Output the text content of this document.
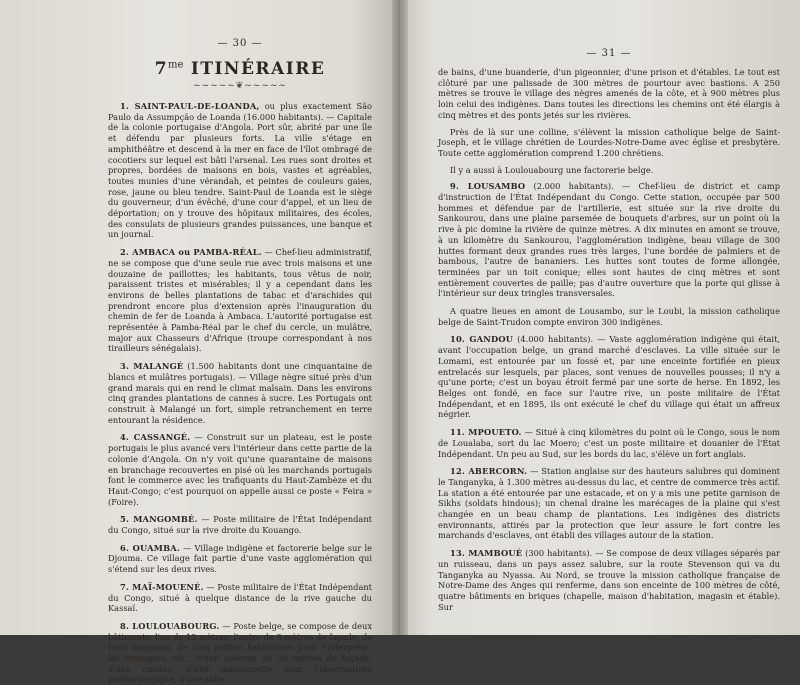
— 30 —
$7^{me}$ ITINÉRAIRE
~~~~~❦~~~~~

1. SAINT-PAUL-DE-LOANDA, ou plus exactement São Paulo da Assumpção de Loanda (16.000 habitants). — Capitale de la colonie portugaise d'Angola. Port sûr, abrité par une île et défendu par plusieurs forts. La ville s'étage en amphithéâtre et descend à la mer en face de l'îlot ombragé de cocotiers sur lequel est bâti l'arsenal. Les rues sont droites et propres, bordées de maisons en bois, vastes et agréables, toutes munies d'une vérandah, et peintes de couleurs gaies, rose, jaune ou bleu tendre. Saint-Paul de Loanda est le siège du gouverneur, d'un évêché, d'une cour d'appel, et un lieu de déportation; on y trouve des hôpitaux militaires, des écoles, des consulats de plusieurs grandes puissances, une banque et un journal.

2. AMBACA ou PAMBA-RÉAL. — Chef-lieu administratif, ne se compose que d'une seule rue avec trois maisons et une douzaine de paillottes; les habitants, tous vêtus de noir, paraissent tristes et misérables; il y a cependant dans les environs de belles plantations de tabac et d'arachides qui prendront encore plus d'extension après l'inauguration du chemin de fer de Loanda à Ambaca. L'autorité portugaise est représentée à Pamba-Réal par le chef du cercle, un mulâtre, major aux Chasseurs d'Afrique (troupe correspondant à nos tirailleurs sénégalais).

3. MALANGÉ (1.500 habitants dont une cinquantaine de blancs et mulâtres portugais). — Village nègre situé près d'un grand marais qui en rend le climat malsain. Dans les environs cinq grandes plantations de cannes à sucre. Les Portugais ont construit à Malangé un fort, simple retranchement en terre entourant la résidence.

4. CASSANGÉ. — Construit sur un plateau, est le poste portugais le plus avancé vers l'intérieur dans cette partie de la colonie d'Angola. On n'y voit qu'une quarantaine de maisons en branchage recouvertes en pisé où les marchands portugais font le commerce avec les trafiquants du Haut-Zambèze et du Haut-Congo; c'est pourquoi on appelle aussi ce poste « Feira » (Foire).

5. MANGOMBÉ. — Poste militaire de l'État Indépendant du Congo, situé sur la rive droite du Kouango.

6. OUAMBA. — Village indigène et factorerie belge sur le Djouma. Ce village fait partie d'une vaste agglomération qui s'étend sur les deux rives.

7. MAÏ-MOUENÉ. — Poste militaire de l'État Indépendant du Congo, situé à quelque distance de la rive gauche du Kassaï.

8. LOULOUABOURG. — Poste belge, se compose de deux bâtiments, l'un de 12 mètres, l'autre de 8 mètres de façade, de trois magasins, de cinq petites habitations pour l'interprète, les étrangers, etc., d'une caserne de 30 mètres de façade, d'une cuisine, d'une maisonnette pour l'observatoire météorologique, d'une salle

— 31 —

de bains, d'une buanderie, d'un pigeonnier, d'une prison et d'étables. Le tout est clôturé par une palissade de 300 mètres de pourtour avec bastions. A 250 mètres se trouve le village des nègres amenés de la côte, et à 900 mètres plus loin celui des indigènes. Dans toutes les directions les chemins ont été élargis à cinq mètres et des ponts jetés sur les rivières.

Près de là sur une colline, s'élèvent la mission catholique belge de Saint-Joseph, et le village chrétien de Lourdes-Notre-Dame avec église et presbytère. Toute cette agglomération comprend 1.200 chrétiens.

Il y a aussi à Loulouabourg une factorerie belge.

9. LOUSAMBO (2.000 habitants). — Chef-lieu de district et camp d'instruction de l'État Indépendant du Congo. Cette station, occupée par 500 hommes et défendue par de l'artillerie, est située sur la rive droite du Sankourou, dans une plaine parsemée de bouquets d'arbres, sur un point où la rive à pic domine la rivière de quinze mètres. A dix minutes en amont se trouve, à un kilomètre du Sankourou, l'agglomération indigène, beau village de 300 huttes formant deux grandes rues très larges, l'une bordée de palmiers et de bambous, l'autre de bananiers. Les huttes sont toutes de forme allongée, terminées par un toit conique; elles sont hautes de cinq mètres et sont entièrement couvertes de paille; pas d'autre ouverture que la porte qui glisse à l'intérieur sur deux tringles transversales.

A quatre lieues en amont de Lousambo, sur le Loubi, la mission catholique belge de Saint-Trudon compte environ 300 indigènes.

10. GANDOU (4.000 habitants). — Vaste agglomération indigène qui était, avant l'occupation belge, un grand marché d'esclaves. La ville située sur le Lomami, est entourée par un fossé et, par une enceinte fortifiée en pieux entrelacés sur lesquels, par places, sont venues de nouvelles pousses; il n'y a qu'une porte; c'est un boyau étroit fermé par une sorte de herse. En 1892, les Belges ont fondé, en face sur l'autre rive, un poste militaire de l'État Indépendant, et en 1895, ils ont exécuté le chef du village qui était un affreux négrier.

11. MPOUETO. — Situé à cinq kilomètres du point où le Congo, sous le nom de Loualaba, sort du lac Moero; c'est un poste militaire et douanier de l'État Indépendant. Un peu au Sud, sur les bords du lac, s'élève un fort anglais.

12. ABERCORN. — Station anglaise sur des hauteurs salubres qui dominent le Tanganyka, à 1.300 mètres au-dessus du lac, et centre de commerce très actif. La station a été entourée par une estacade, et on y a mis une petite garnison de Sikhs (soldats hindous); un chenal draine les marécages de la plaine qui s'est changée en un beau champ de plantations. Les indigènes des districts environnants, attirés par la protection que leur assure le fort contre les marchands d'esclaves, ont établi des villages autour de la station.

13. MAMBOUÉ (300 habitants). — Se compose de deux villages séparés par un ruisseau, dans un pays assez salubre, sur la route Stevenson qui va du Tanganyka au Nyassa. Au Nord, se trouve la mission catholique française de Notre-Dame des Anges qui renferme, dans son enceinte de 100 mètres de côté, quatre bâtiments en briques (chapelle, maison d'habitation, magasin et étable). Sur
